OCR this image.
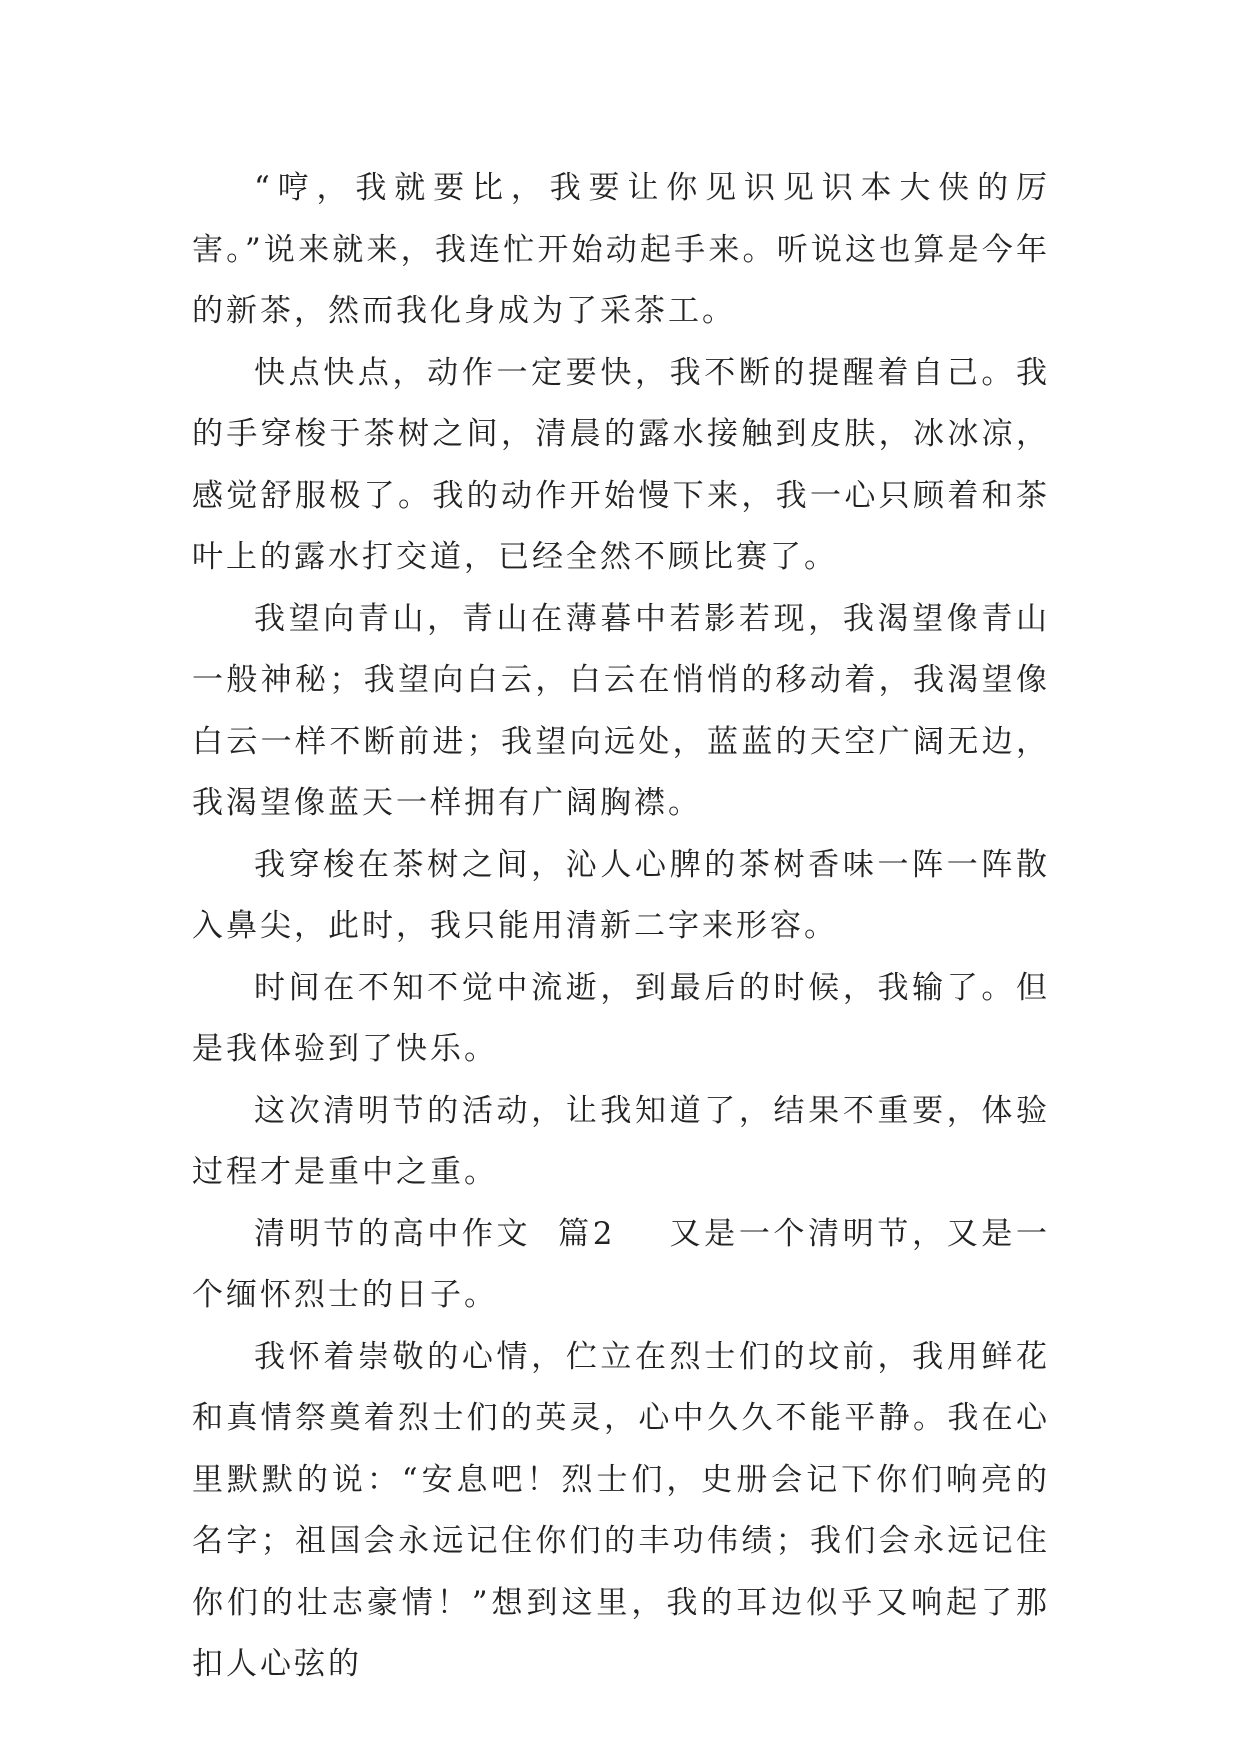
“哼，我就要比，我要让你见识见识本大侠的厉害。”说来就来，我连忙开始动起手来。听说这也算是今年的新茶，然而我化身成为了采茶工。

快点快点，动作一定要快，我不断的提醒着自己。我的手穿梭于茶树之间，清晨的露水接触到皮肤，冰冰凉，感觉舒服极了。我的动作开始慢下来，我一心只顾着和茶叶上的露水打交道，已经全然不顾比赛了。

我望向青山，青山在薄暮中若影若现，我渴望像青山一般神秘；我望向白云，白云在悄悄的移动着，我渴望像白云一样不断前进；我望向远处，蓝蓝的天空广阔无边，我渴望像蓝天一样拥有广阔胸襟。

我穿梭在茶树之间，沁人心脾的茶树香味一阵一阵散入鼻尖，此时，我只能用清新二字来形容。

时间在不知不觉中流逝，到最后的时候，我输了。但是我体验到了快乐。

这次清明节的活动，让我知道了，结果不重要，体验过程才是重中之重。

清明节的高中作文  篇2    又是一个清明节，又是一个缅怀烈士的日子。

我怀着崇敬的心情，伫立在烈士们的坟前，我用鲜花和真情祭奠着烈士们的英灵，心中久久不能平静。我在心里默默的说：“安息吧！烈士们，史册会记下你们响亮的名字；祖国会永远记住你们的丰功伟绩；我们会永远记住你们的壮志豪情！”想到这里，我的耳边似乎又响起了那扣人心弦的
